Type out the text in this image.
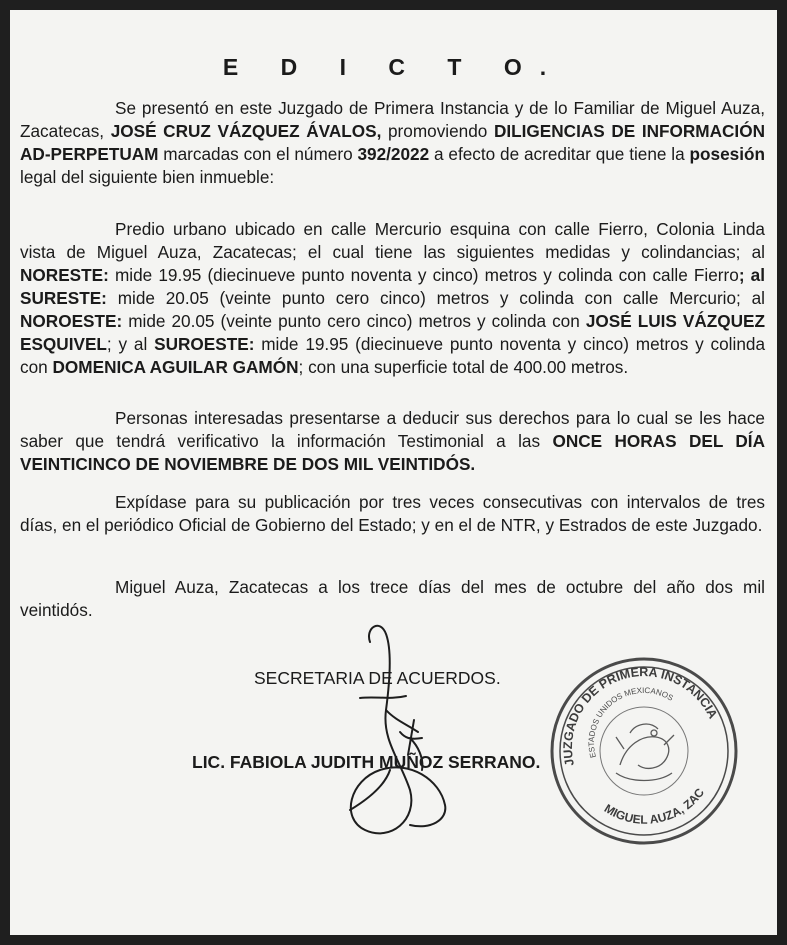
E D I C T O.
Se presentó en este Juzgado de Primera Instancia y de lo Familiar de Miguel Auza, Zacatecas, JOSÉ CRUZ VÁZQUEZ ÁVALOS, promoviendo DILIGENCIAS DE INFORMACIÓN AD-PERPETUAM marcadas con el número 392/2022 a efecto de acreditar que tiene la posesión legal del siguiente bien inmueble:
Predio urbano ubicado en calle Mercurio esquina con calle Fierro, Colonia Linda vista de Miguel Auza, Zacatecas; el cual tiene las siguientes medidas y colindancias; al NORESTE: mide 19.95 (diecinueve punto noventa y cinco) metros y colinda con calle Fierro; al SURESTE: mide 20.05 (veinte punto cero cinco) metros y colinda con calle Mercurio; al NOROESTE: mide 20.05 (veinte punto cero cinco) metros y colinda con JOSÉ LUIS VÁZQUEZ ESQUIVEL; y al SUROESTE: mide 19.95 (diecinueve punto noventa y cinco) metros y colinda con DOMENICA AGUILAR GAMÓN; con una superficie total de 400.00 metros.
Personas interesadas presentarse a deducir sus derechos para lo cual se les hace saber que tendrá verificativo la información Testimonial a las ONCE HORAS DEL DÍA VEINTICINCO DE NOVIEMBRE DE DOS MIL VEINTIDÓS.
Expídase para su publicación por tres veces consecutivas con intervalos de tres días, en el periódico Oficial de Gobierno del Estado; y en el de NTR, y Estrados de este Juzgado.
Miguel Auza, Zacatecas a los trece días del mes de octubre del año dos mil veintidós.
SECRETARIA DE ACUERDOS.
LIC. FABIOLA JUDITH MUÑOZ SERRANO. JUZGADO DE PRIMERA INSTANCIA
ESTADOS UNIDOS MEXICANOS
MIGUEL AUZA, ZAC
